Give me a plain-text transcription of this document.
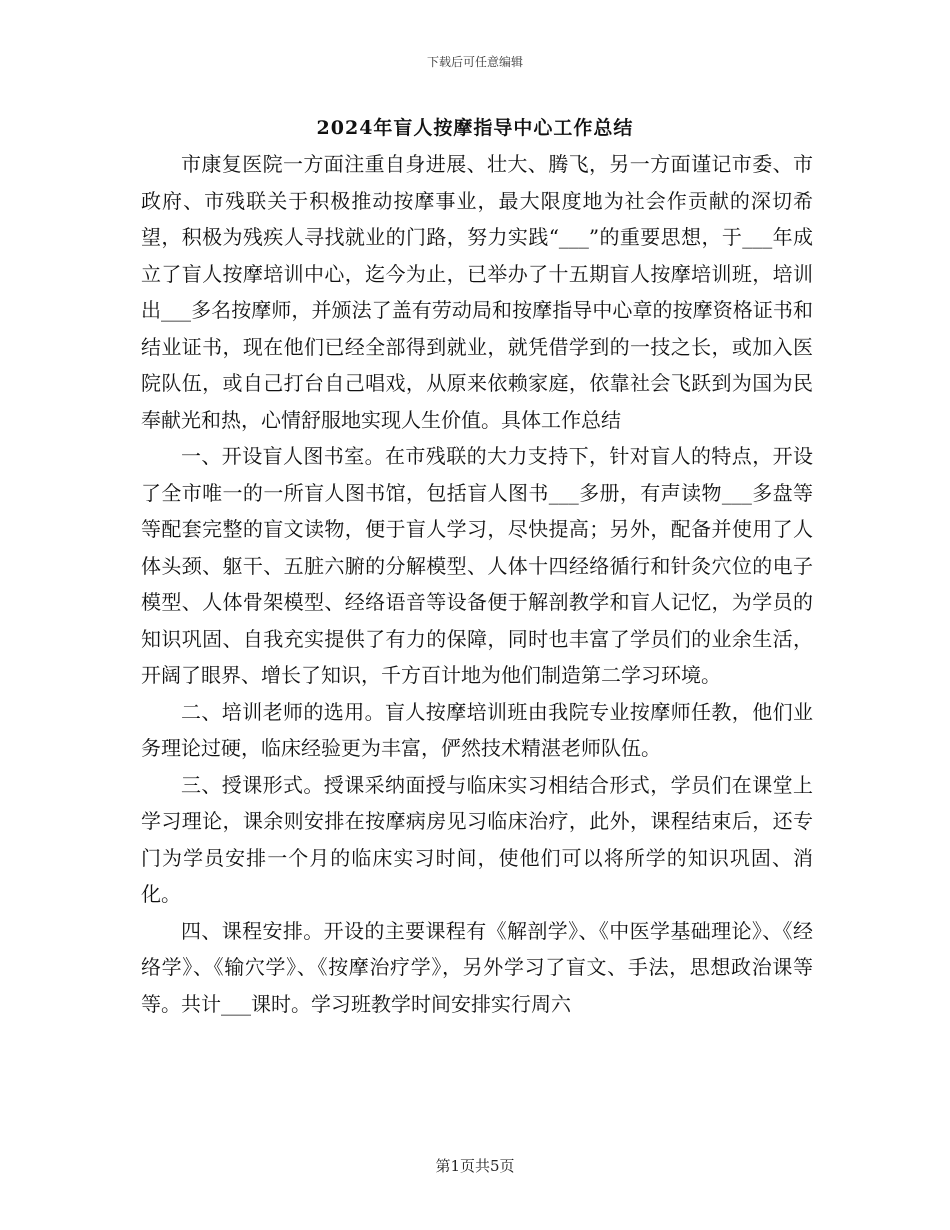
下载后可任意编辑
2024年盲人按摩指导中心工作总结

市康复医院一方面注重自身进展、壮大、腾飞，另一方面谨记市委、市政府、市残联关于积极推动按摩事业，最大限度地为社会作贡献的深切希望，积极为残疾人寻找就业的门路，努力实践“___”的重要思想，于___年成立了盲人按摩培训中心，迄今为止，已举办了十五期盲人按摩培训班，培训出___多名按摩师，并颁法了盖有劳动局和按摩指导中心章的按摩资格证书和结业证书，现在他们已经全部得到就业，就凭借学到的一技之长，或加入医院队伍，或自己打台自己唱戏，从原来依赖家庭，依靠社会飞跃到为国为民奉献光和热，心情舒服地实现人生价值。具体工作总结

一、开设盲人图书室。在市残联的大力支持下，针对盲人的特点，开设了全市唯一的一所盲人图书馆，包括盲人图书___多册，有声读物___多盘等等配套完整的盲文读物，便于盲人学习，尽快提高；另外，配备并使用了人体头颈、躯干、五脏六腑的分解模型、人体十四经络循行和针灸穴位的电子模型、人体骨架模型、经络语音等设备便于解剖教学和盲人记忆，为学员的知识巩固、自我充实提供了有力的保障，同时也丰富了学员们的业余生活，开阔了眼界、增长了知识，千方百计地为他们制造第二学习环境。

二、培训老师的选用。盲人按摩培训班由我院专业按摩师任教，他们业务理论过硬，临床经验更为丰富，俨然技术精湛老师队伍。

三、授课形式。授课采纳面授与临床实习相结合形式，学员们在课堂上学习理论，课余则安排在按摩病房见习临床治疗，此外，课程结束后，还专门为学员安排一个月的临床实习时间，使他们可以将所学的知识巩固、消化。

四、课程安排。开设的主要课程有《解剖学》、《中医学基础理论》、《经络学》、《输穴学》、《按摩治疗学》，另外学习了盲文、手法，思想政治课等等。共计___课时。学习班教学时间安排实行周六

第1页共5页
